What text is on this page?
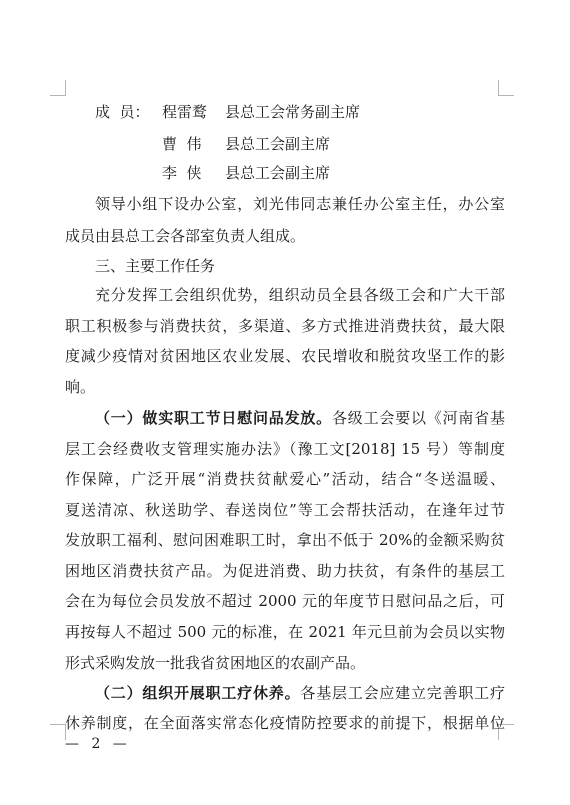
成  员： 程雷鹜 县总工会常务副主席
曹  伟 县总工会副主席
李  侠 县总工会副主席
领导小组下设办公室，刘光伟同志兼任办公室主任，办公室
成员由县总工会各部室负责人组成。
三、主要工作任务
充分发挥工会组织优势，组织动员全县各级工会和广大干部
职工积极参与消费扶贫，多渠道、多方式推进消费扶贫，最大限
度减少疫情对贫困地区农业发展、农民增收和脱贫攻坚工作的影
响。
（一）做实职工节日慰问品发放。各级工会要以《河南省基
层工会经费收支管理实施办法》（豫工文[2018] 15 号）等制度
作保障，广泛开展“消费扶贫献爱心”活动，结合“冬送温暖、
夏送清凉、秋送助学、春送岗位”等工会帮扶活动，在逢年过节
发放职工福利、慰问困难职工时，拿出不低于 20%的金额采购贫
困地区消费扶贫产品。为促进消费、助力扶贫，有条件的基层工
会在为每位会员发放不超过 2000 元的年度节日慰问品之后，可
再按每人不超过 500 元的标准，在 2021 年元旦前为会员以实物
形式采购发放一批我省贫困地区的农副产品。
（二）组织开展职工疗休养。各基层工会应建立完善职工疗
休养制度，在全面落实常态化疫情防控要求的前提下，根据单位
— 2 —
